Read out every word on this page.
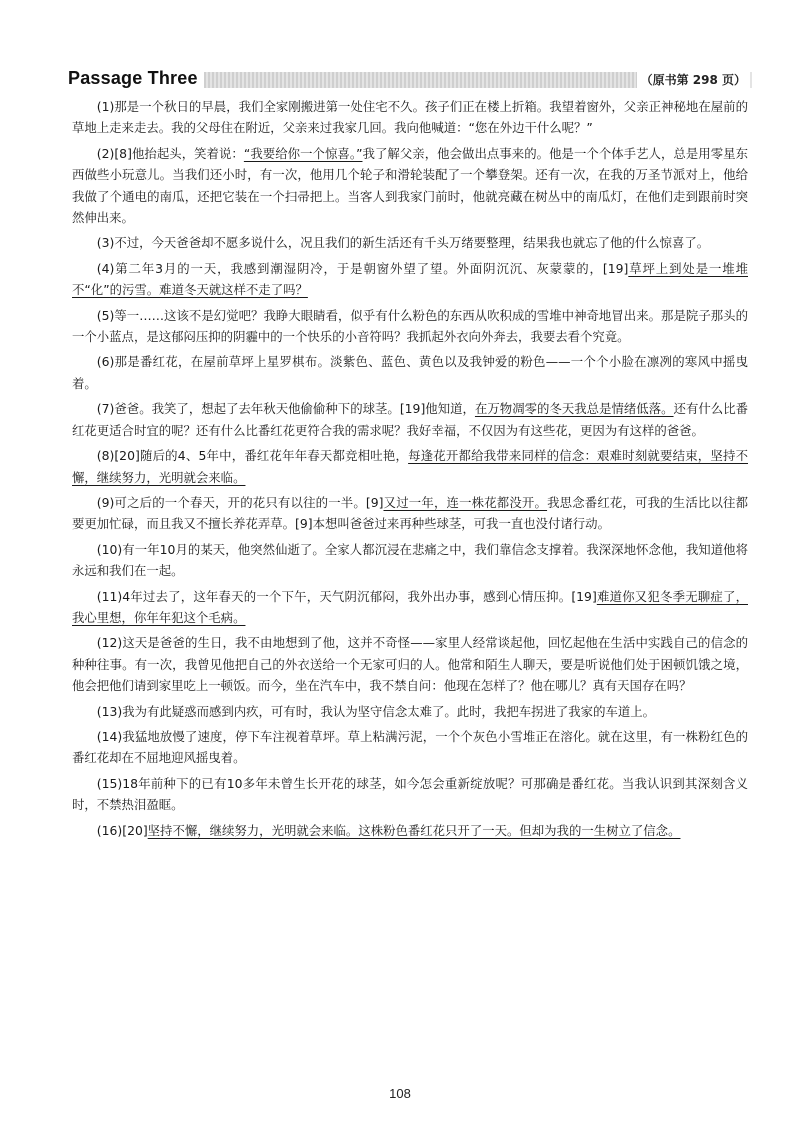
Passage Three	（原书第 298 页）

(1)那是一个秋日的早晨，我们全家刚搬进第一处住宅不久。孩子们正在楼上折箱。我望着窗外，父亲正神秘地在屋前的草地上走来走去。我的父母住在附近，父亲来过我家几回。我向他喊道：“您在外边干什么呢？”

(2)[8]他抬起头，笑着说：“我要给你一个惊喜。”我了解父亲，他会做出点事来的。他是一个个体手艺人，总是用零星东西做些小玩意儿。当我们还小时，有一次，他用几个轮子和滑轮装配了一个攀登架。还有一次，在我的万圣节派对上，他给我做了个通电的南瓜，还把它装在一个扫帚把上。当客人到我家门前时，他就亮藏在树丛中的南瓜灯，在他们走到跟前时突然伸出来。

(3)不过，今天爸爸却不愿多说什么，况且我们的新生活还有千头万绪要整理，结果我也就忘了他的什么惊喜了。

(4)第二年3月的一天，我感到潮湿阴冷，于是朝窗外望了望。外面阴沉沉、灰蒙蒙的，[19]草坪上到处是一堆堆不“化”的污雪。难道冬天就这样不走了吗？

(5)等一……这该不是幻觉吧？我睁大眼睛看，似乎有什么粉色的东西从吹积成的雪堆中神奇地冒出来。那是院子那头的一个小蓝点，是这郁闷压抑的阴霾中的一个快乐的小音符吗？我抓起外衣向外奔去，我要去看个究竟。

(6)那是番红花，在屋前草坪上星罗棋布。淡紫色、蓝色、黄色以及我钟爱的粉色——一个个小脸在凛冽的寒风中摇曳着。

(7)爸爸。我笑了，想起了去年秋天他偷偷种下的球茎。[19]他知道，在万物凋零的冬天我总是情绪低落。还有什么比番红花更适合时宜的呢？还有什么比番红花更符合我的需求呢？我好幸福，不仅因为有这些花，更因为有这样的爸爸。

(8)[20]随后的4、5年中，番红花年年春天都竞相吐艳，每逢花开都给我带来同样的信念：艰难时刻就要结束，坚持不懈，继续努力，光明就会来临。

(9)可之后的一个春天，开的花只有以往的一半。[9]又过一年，连一株花都没开。我思念番红花，可我的生活比以往都要更加忙碌，而且我又不擅长养花弄草。[9]本想叫爸爸过来再种些球茎，可我一直也没付诸行动。

(10)有一年10月的某天，他突然仙逝了。全家人都沉浸在悲痛之中，我们靠信念支撑着。我深深地怀念他，我知道他将永远和我们在一起。

(11)4年过去了，这年春天的一个下午，天气阴沉郁闷，我外出办事，感到心情压抑。[19]难道你又犯冬季无聊症了，我心里想，你年年犯这个毛病。

(12)这天是爸爸的生日，我不由地想到了他，这并不奇怪——家里人经常谈起他，回忆起他在生活中实践自己的信念的种种往事。有一次，我曾见他把自己的外衣送给一个无家可归的人。他常和陌生人聊天，要是听说他们处于困顿饥饿之境，他会把他们请到家里吃上一顿饭。而今，坐在汽车中，我不禁自问：他现在怎样了？他在哪儿？真有天国存在吗？

(13)我为有此疑惑而感到内疚，可有时，我认为坚守信念太难了。此时，我把车拐进了我家的车道上。

(14)我猛地放慢了速度，停下车注视着草坪。草上粘满污泥，一个个灰色小雪堆正在溶化。就在这里，有一株粉红色的番红花却在不屈地迎风摇曳着。

(15)18年前种下的已有10多年未曾生长开花的球茎，如今怎会重新绽放呢？可那确是番红花。当我认识到其深刻含义时，不禁热泪盈眶。

(16)[20]坚持不懈，继续努力，光明就会来临。这株粉色番红花只开了一天。但却为我的一生树立了信念。

108
